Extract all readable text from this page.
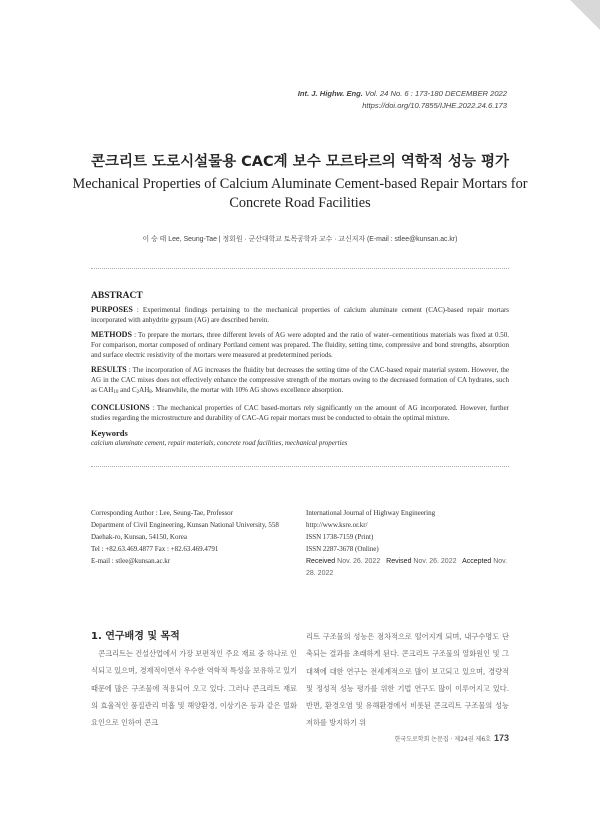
Int. J. Highw. Eng. Vol. 24 No. 6 : 173-180 DECEMBER 2022
https://doi.org/10.7855/IJHE.2022.24.6.173
콘크리트 도로시설물용 CAC계 보수 모르타르의 역학적 성능 평가
Mechanical Properties of Calcium Aluminate Cement-based Repair Mortars for
Concrete Road Facilities
이 승 태 Lee, Seung-Tae | 정회원 · 군산대학교 토목공학과 교수 · 교신저자 (E-mail : stlee@kunsan.ac.kr)
ABSTRACT

PURPOSES : Experimental findings pertaining to the mechanical properties of calcium aluminate cement (CAC)-based repair mortars incorporated with anhydrite gypsum (AG) are described herein.

METHODS : To prepare the mortars, three different levels of AG were adopted and the ratio of water–cementitious materials was fixed at 0.50. For comparison, mortar composed of ordinary Portland cement was prepared. The fluidity, setting time, compressive and bond strengths, absorption and surface electric resistivity of the mortars were measured at predetermined periods.

RESULTS : The incorporation of AG increases the fluidity but decreases the setting time of the CAC-based repair material system. However, the AG in the CAC mixes does not effectively enhance the compressive strength of the mortars owing to the decreased formation of CA hydrates, such as $CAH_{10}$ and $C_2AH_8$. Meanwhile, the mortar with 10% AG shows excellence absorption.

CONCLUSIONS : The mechanical properties of CAC based-mortars rely significantly on the amount of AG incorporated. However, further studies regarding the microstructure and durability of CAC-AG repair mortars must be conducted to obtain the optimal mixture.

Keywords

calcium aluminate cement, repair materials, concrete road facilities, mechanical properties

Corresponding Author : Lee, Seung-Tae, Professor
Department of Civil Engineering, Kunsan National University, 558
Daehak-ro, Kunsan, 54150, Korea
Tel : +82.63.469.4877 Fax : +82.63.469.4791
E-mail : stlee@kunsan.ac.kr
International Journal of Highway Engineering
http://www.ksre.or.kr/
ISSN 1738-7159 (Print)
ISSN 2287-3678 (Online)
Received Nov. 26. 2022 Revised Nov. 26. 2022 Accepted Nov. 28. 2022
1. 연구배경 및 목적

콘크리트는 건설산업에서 가장 보편적인 주요 재료 중 하나로 인식되고 있으며, 경제적이면서 우수한 역학적 특성을 보유하고 있기 때문에 많은 구조물에 적용되어 오고 있다. 그러나 콘크리트 재료의 효율적인 품질관리 미흡 및 해양환경, 이상기온 등과 같은 열화요인으로 인하여 콘크

리트 구조물의 성능은 점차적으로 떨어지게 되며, 내구수명도 단축되는 결과를 초래하게 된다. 콘크리트 구조물의 열화원인 및 그 대책에 대한 연구는 전세계적으로 많이 보고되고 있으며, 경량적 및 정성적 성능 평가를 위한 기법 연구도 많이 이루어지고 있다. 반면, 환경오염 및 유해환경에서 비롯된 콘크리트 구조물의 성능저하를 방지하기 위

한국도로학회 논문집 · 제24권 제6호 173
